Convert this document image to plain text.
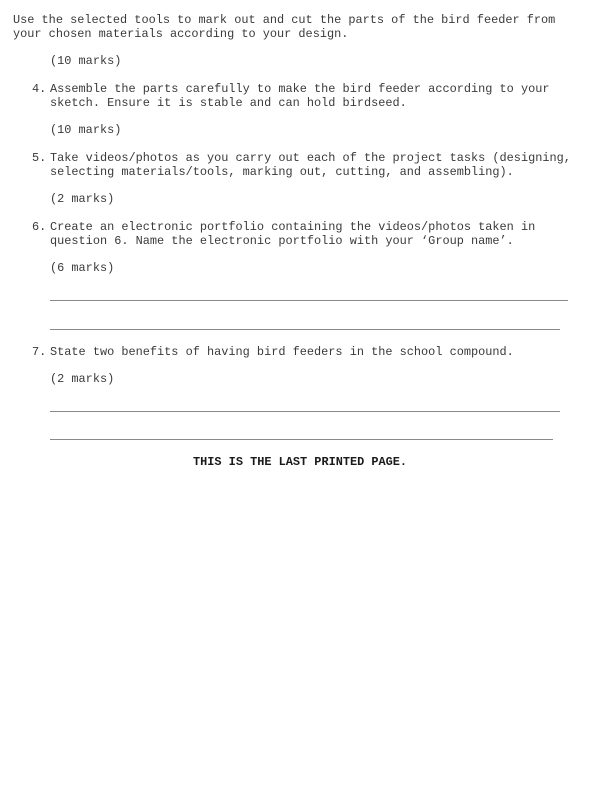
Use the selected tools to mark out and cut the parts of the bird feeder from
your chosen materials according to your design.
(10 marks)
4. Assemble the parts carefully to make the bird feeder according to your
sketch. Ensure it is stable and can hold birdseed.
(10 marks)
5. Take videos/photos as you carry out each of the project tasks (designing,
selecting materials/tools, marking out, cutting, and assembling).
(2 marks)
6. Create an electronic portfolio containing the videos/photos taken in
question 6. Name the electronic portfolio with your ‘Group name’.
(6 marks)
7. State two benefits of having bird feeders in the school compound.
(2 marks)
THIS IS THE LAST PRINTED PAGE.
